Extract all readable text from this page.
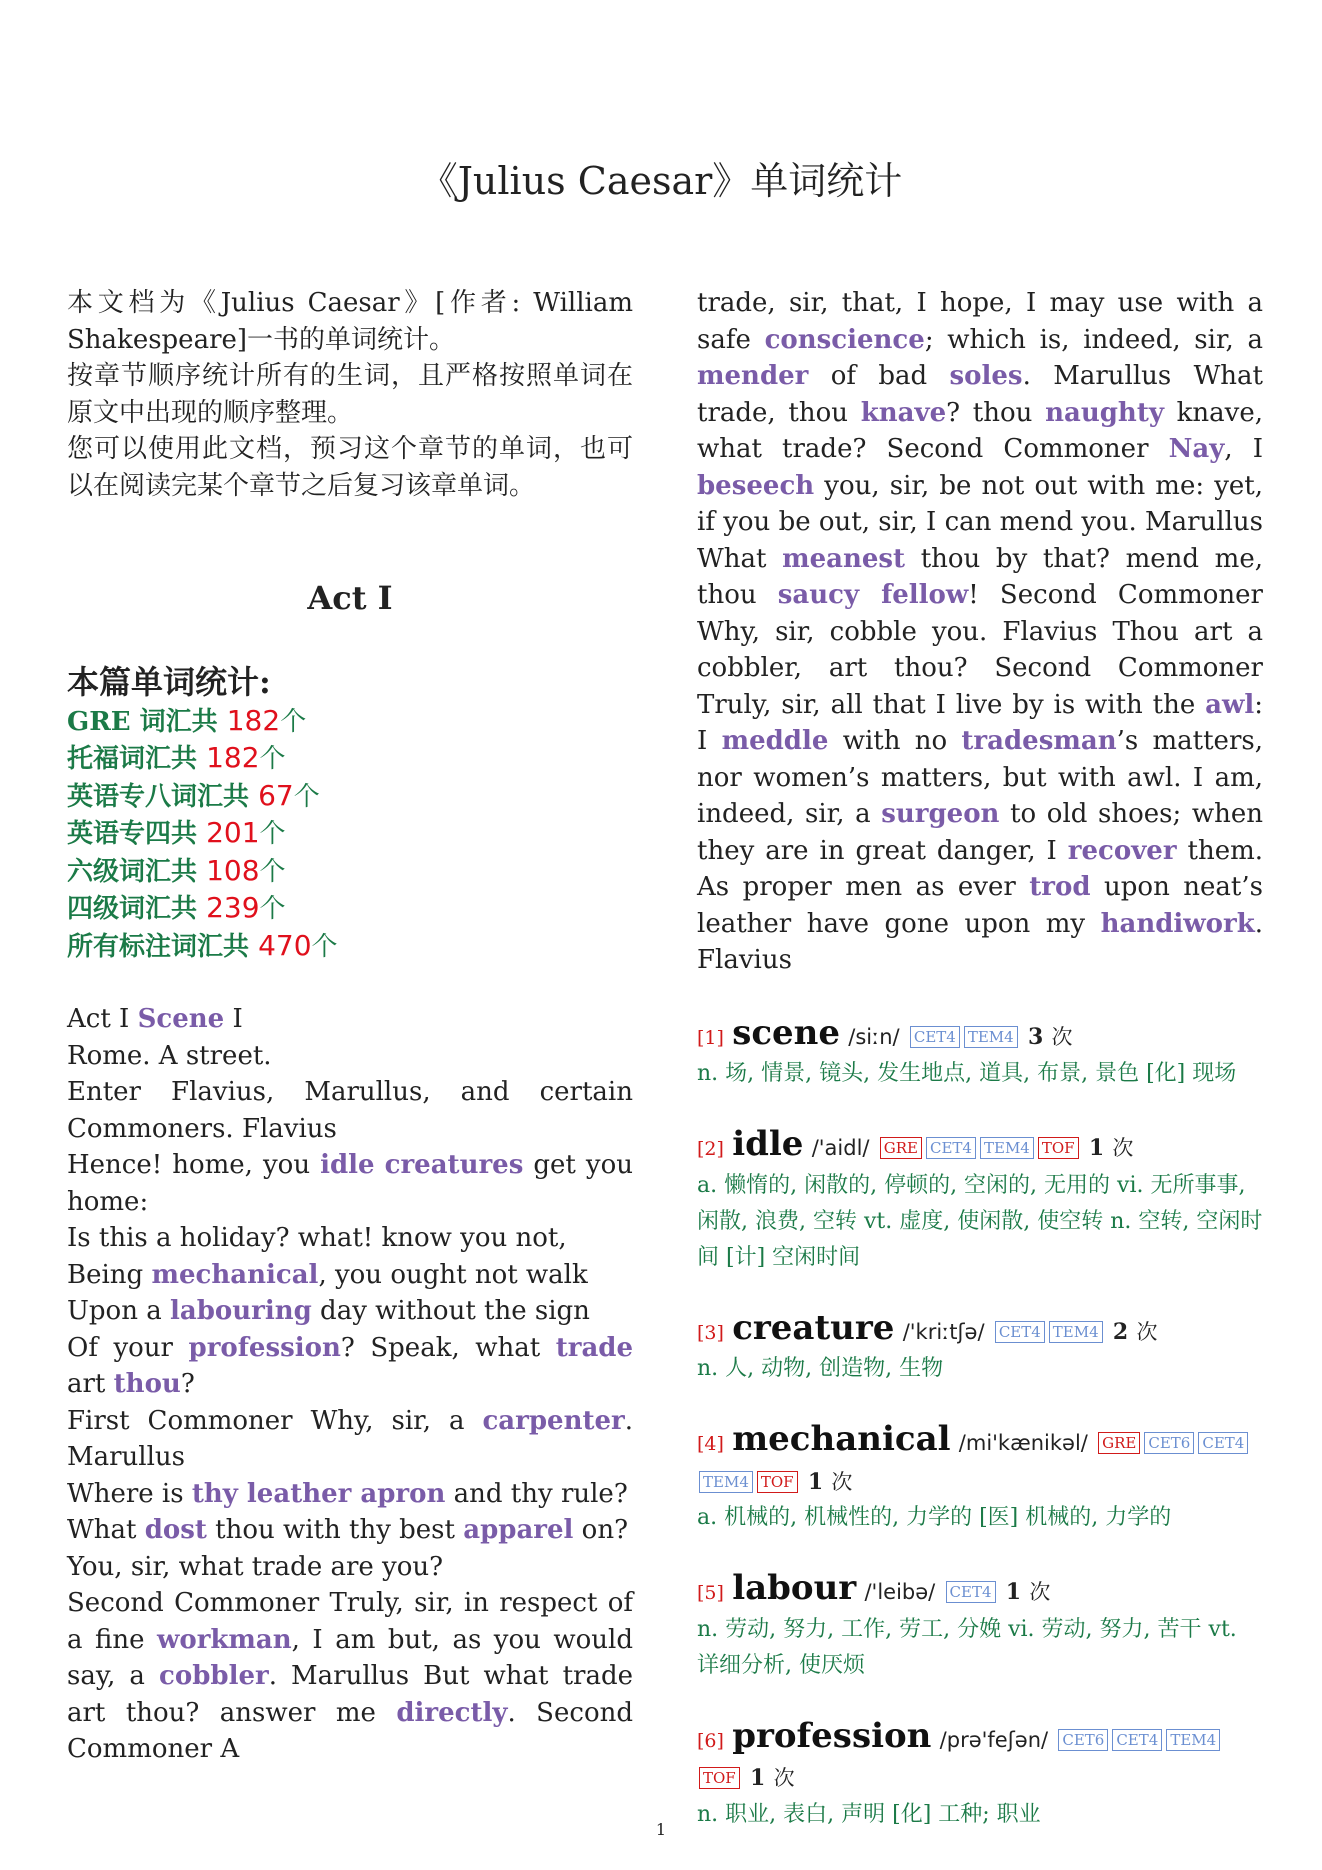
《Julius Caesar》单词统计

本文档为《Julius Caesar》[作者: William Shakespeare]一书的单词统计。
按章节顺序统计所有的生词，且严格按照单词在原文中出现的顺序整理。
您可以使用此文档，预习这个章节的单词，也可以在阅读完某个章节之后复习该章单词。

Act I
本篇单词统计:
GRE 词汇共 182个
托福词汇共 182个
英语专八词汇共 67个
英语专四共 201个
六级词汇共 108个
四级词汇共 239个
所有标注词汇共 470个
Act I Scene I
Rome. A street.
Enter Flavius, Marullus, and certain Commoners. Flavius
Hence! home, you idle creatures get you home:
Is this a holiday? what! know you not,
Being mechanical, you ought not walk
Upon a labouring day without the sign
Of your profession? Speak, what trade art thou?
First Commoner Why, sir, a carpenter. Marullus
Where is thy leather apron and thy rule?
What dost thou with thy best apparel on?
You, sir, what trade are you?
Second Commoner Truly, sir, in respect of a fine workman, I am but, as you would say, a cobbler. Marullus But what trade art thou? answer me directly. Second Commoner A

trade, sir, that, I hope, I may use with a safe conscience; which is, indeed, sir, a mender of bad soles. Marullus What trade, thou knave? thou naughty knave, what trade? Second Commoner Nay, I beseech you, sir, be not out with me: yet, if you be out, sir, I can mend you. Marullus What meanest thou by that? mend me, thou saucy fellow! Second Commoner Why, sir, cobble you. Flavius Thou art a cobbler, art thou? Second Commoner Truly, sir, all that I live by is with the awl: I meddle with no tradesman’s matters, nor women’s matters, but with awl. I am, indeed, sir, a surgeon to old shoes; when they are in great danger, I recover them. As proper men as ever trod upon neat’s leather have gone upon my handiwork. Flavius

[1] scene /siːn/ CET4 TEM4 3 次
n. 场, 情景, 镜头, 发生地点, 道具, 布景, 景色 [化] 现场
[2] idle /'aidl/ GRE CET4 TEM4 TOF 1 次
a. 懒惰的, 闲散的, 停顿的, 空闲的, 无用的 vi. 无所事事, 闲散, 浪费, 空转 vt. 虚度, 使闲散, 使空转 n. 空转, 空闲时间 [计] 空闲时间
[3] creature /'kriːtʃə/ CET4 TEM4 2 次
n. 人, 动物, 创造物, 生物
[4] mechanical /mi'kænikəl/ GRE CET6 CET4TEM4 TOF 1 次
a. 机械的, 机械性的, 力学的 [医] 机械的, 力学的
[5] labour /'leibə/ CET4 1 次
n. 劳动, 努力, 工作, 劳工, 分娩 vi. 劳动, 努力, 苦干 vt. 详细分析, 使厌烦
[6] profession /prə'feʃən/ CET6 CET4 TEM4TOF 1 次
n. 职业, 表白, 声明 [化] 工种; 职业
1
